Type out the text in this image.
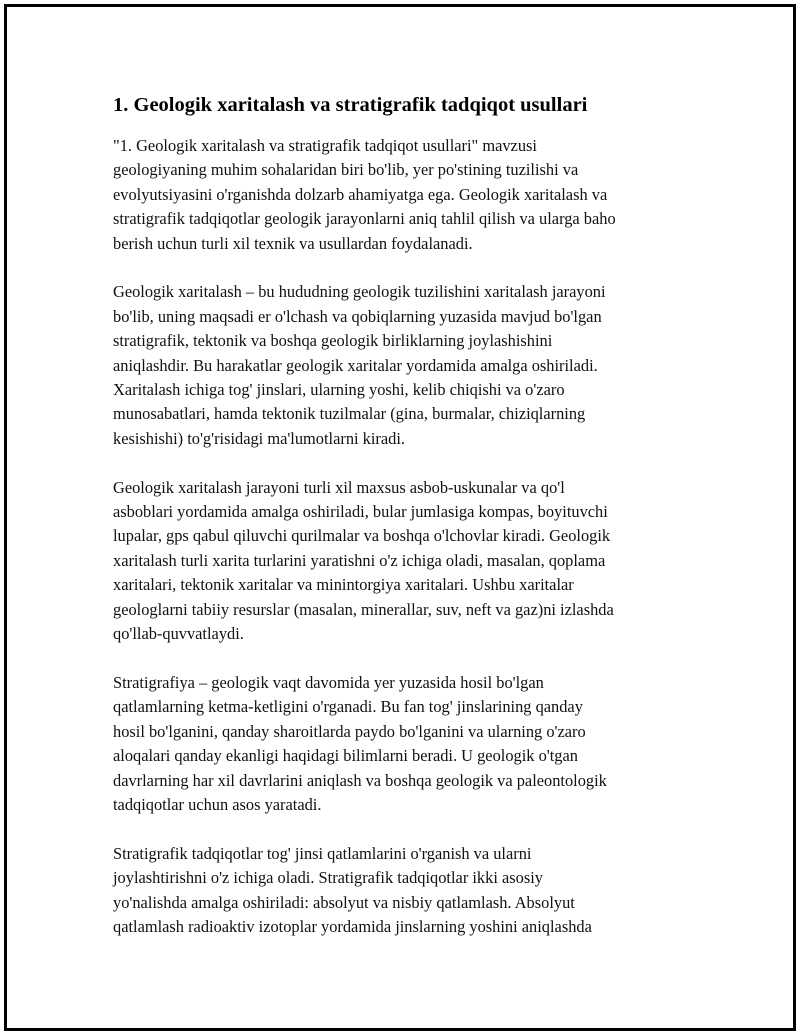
1. Geologik xaritalash va stratigrafik tadqiqot usullari

"1. Geologik xaritalash va stratigrafik tadqiqot usullari" mavzusi
geologiyaning muhim sohalaridan biri bo'lib, yer po'stining tuzilishi va
evolyutsiyasini o'rganishda dolzarb ahamiyatga ega. Geologik xaritalash va
stratigrafik tadqiqotlar geologik jarayonlarni aniq tahlil qilish va ularga baho
berish uchun turli xil texnik va usullardan foydalanadi.

Geologik xaritalash – bu hududning geologik tuzilishini xaritalash jarayoni
bo'lib, uning maqsadi er o'lchash va qobiqlarning yuzasida mavjud bo'lgan
stratigrafik, tektonik va boshqa geologik birliklarning joylashishini
aniqlashdir. Bu harakatlar geologik xaritalar yordamida amalga oshiriladi.
Xaritalash ichiga tog' jinslari, ularning yoshi, kelib chiqishi va o'zaro
munosabatlari, hamda tektonik tuzilmalar (gina, burmalar, chiziqlarning
kesishishi) to'g'risidagi ma'lumotlarni kiradi.

Geologik xaritalash jarayoni turli xil maxsus asbob-uskunalar va qo'l
asboblari yordamida amalga oshiriladi, bular jumlasiga kompas, boyituvchi
lupalar, gps qabul qiluvchi qurilmalar va boshqa o'lchovlar kiradi. Geologik
xaritalash turli xarita turlarini yaratishni o'z ichiga oladi, masalan, qoplama
xaritalari, tektonik xaritalar va minintorgiya xaritalari. Ushbu xaritalar
geologlarni tabiiy resurslar (masalan, minerallar, suv, neft va gaz)ni izlashda
qo'llab-quvvatlaydi.

Stratigrafiya – geologik vaqt davomida yer yuzasida hosil bo'lgan
qatlamlarning ketma-ketligini o'rganadi. Bu fan tog' jinslarining qanday
hosil bo'lganini, qanday sharoitlarda paydo bo'lganini va ularning o'zaro
aloqalari qanday ekanligi haqidagi bilimlarni beradi. U geologik o'tgan
davrlarning har xil davrlarini aniqlash va boshqa geologik va paleontologik
tadqiqotlar uchun asos yaratadi.

Stratigrafik tadqiqotlar tog' jinsi qatlamlarini o'rganish va ularni
joylashtirishni o'z ichiga oladi. Stratigrafik tadqiqotlar ikki asosiy
yo'nalishda amalga oshiriladi: absolyut va nisbiy qatlamlash. Absolyut
qatlamlash radioaktiv izotoplar yordamida jinslarning yoshini aniqlashda
